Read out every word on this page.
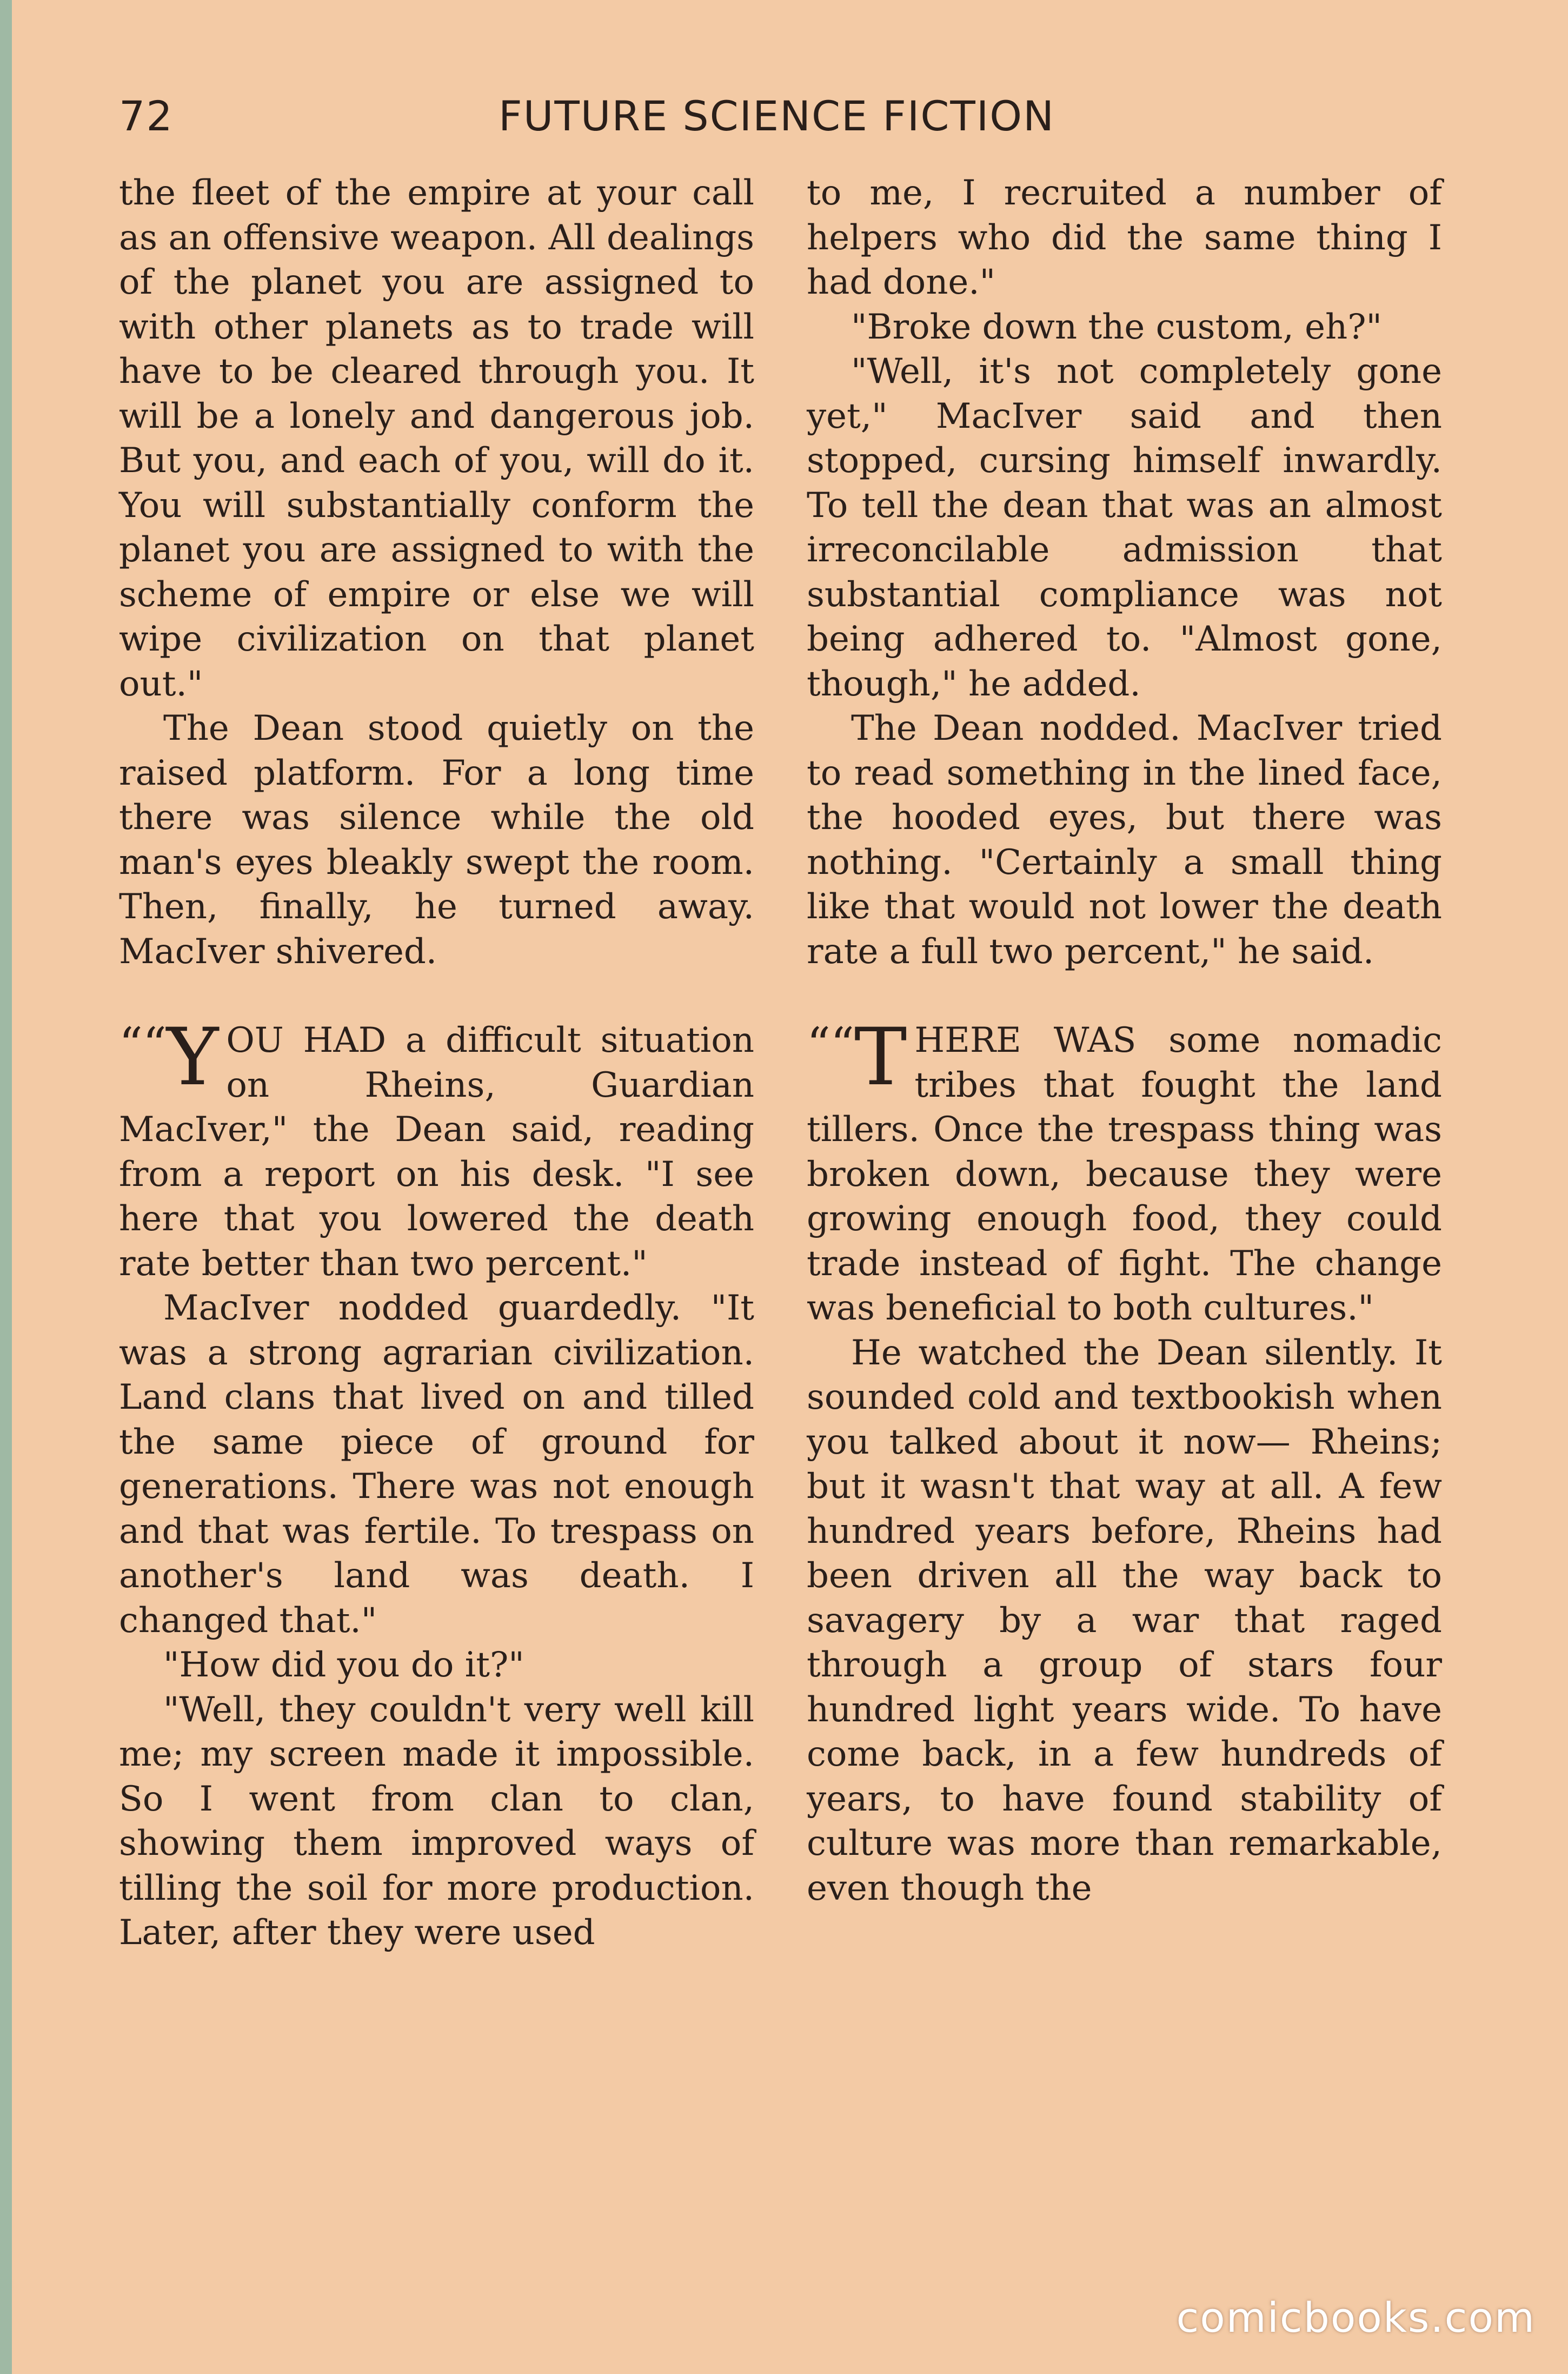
72	FUTURE SCIENCE FICTION

the fleet of the empire at your call as an offensive weapon. All dealings of the planet you are assigned to with other planets as to trade will have to be cleared through you. It will be a lonely and dangerous job. But you, and each of you, will do it. You will substantially conform the planet you are assigned to with the scheme of empire or else we will wipe civilization on that planet out."

The Dean stood quietly on the raised platform. For a long time there was silence while the old man's eyes bleakly swept the room. Then, finally, he turned away. MacIver shivered.

““Y OU HAD a difficult situation on Rheins, Guardian MacIver," the Dean said, reading from a report on his desk. "I see here that you lowered the death rate better than two percent."

MacIver nodded guardedly. "It was a strong agrarian civilization. Land clans that lived on and tilled the same piece of ground for generations. There was not enough and that was fertile. To trespass on another's land was death. I changed that."

"How did you do it?"

"Well, they couldn't very well kill me; my screen made it impossible. So I went from clan to clan, showing them improved ways of tilling the soil for more production. Later, after they were used

to me, I recruited a number of helpers who did the same thing I had done."

"Broke down the custom, eh?"

"Well, it's not completely gone yet," MacIver said and then stopped, cursing himself inwardly. To tell the dean that was an almost irreconcilable admission that substantial compliance was not being adhered to. "Almost gone, though," he added.

The Dean nodded. MacIver tried to read something in the lined face, the hooded eyes, but there was nothing. "Certainly a small thing like that would not lower the death rate a full two percent," he said.

““T HERE WAS some nomadic tribes that fought the land tillers. Once the trespass thing was broken down, because they were growing enough food, they could trade instead of fight. The change was beneficial to both cultures."

He watched the Dean silently. It sounded cold and textbookish when you talked about it now— Rheins; but it wasn't that way at all. A few hundred years before, Rheins had been driven all the way back to savagery by a war that raged through a group of stars four hundred light years wide. To have come back, in a few hundreds of years, to have found stability of culture was more than remarkable, even though the

comicbooks.com
